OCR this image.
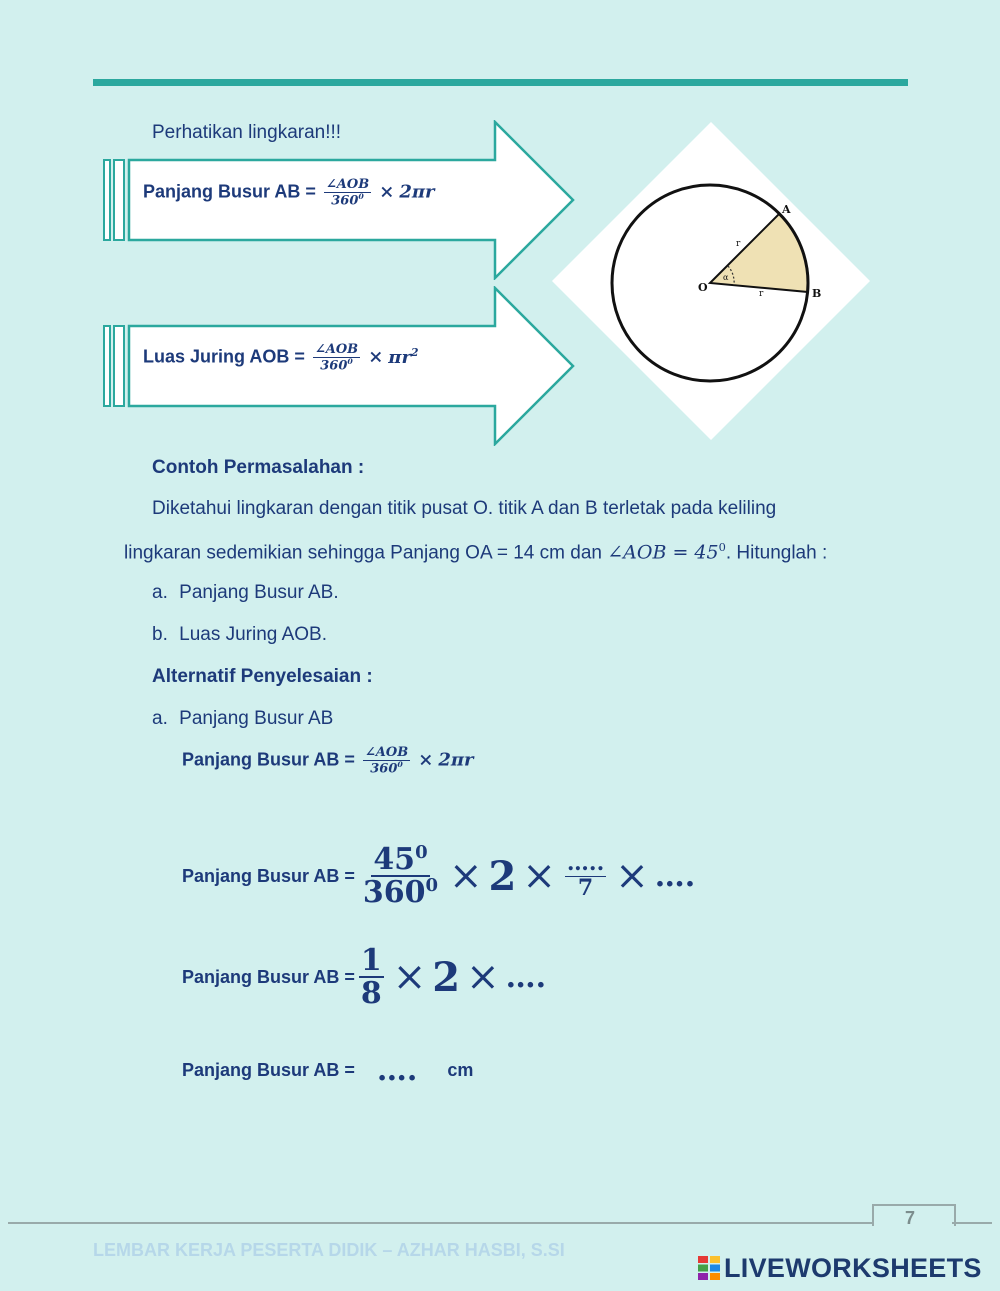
Perhatikan lingkaran!!!
Panjang Busur AB = $\frac{\text{∠AOB}}{360^0} \times 2\pi r$
Luas Juring AOB = $\frac{\text{∠AOB}}{360^0} \times \pi r^2$
O
A
B
r
r
α
Contoh Permasalahan :
Diketahui lingkaran dengan titik pusat O. titik A dan B terletak pada keliling
lingkaran sedemikian sehingga Panjang OA = 14 cm dan ∠AOB = $45^0$. Hitunglah :
a. Panjang Busur AB.
b. Luas Juring AOB.
Alternatif Penyelesaian :
a. Panjang Busur AB
Panjang Busur AB = $\frac{\text{∠AOB}}{360^0} \times 2\pi r$
Panjang Busur AB = $\frac{45^0}{360^0} \times 2 \times \frac{\dots..}{7}$ × ….
Panjang Busur AB = $\frac{1}{8} \times 2$ × ….
Panjang Busur AB = …. cm
7
LEMBAR KERJA PESERTA DIDIK – AZHAR HASBI, S.SI
LIVEWORKSHEETS
